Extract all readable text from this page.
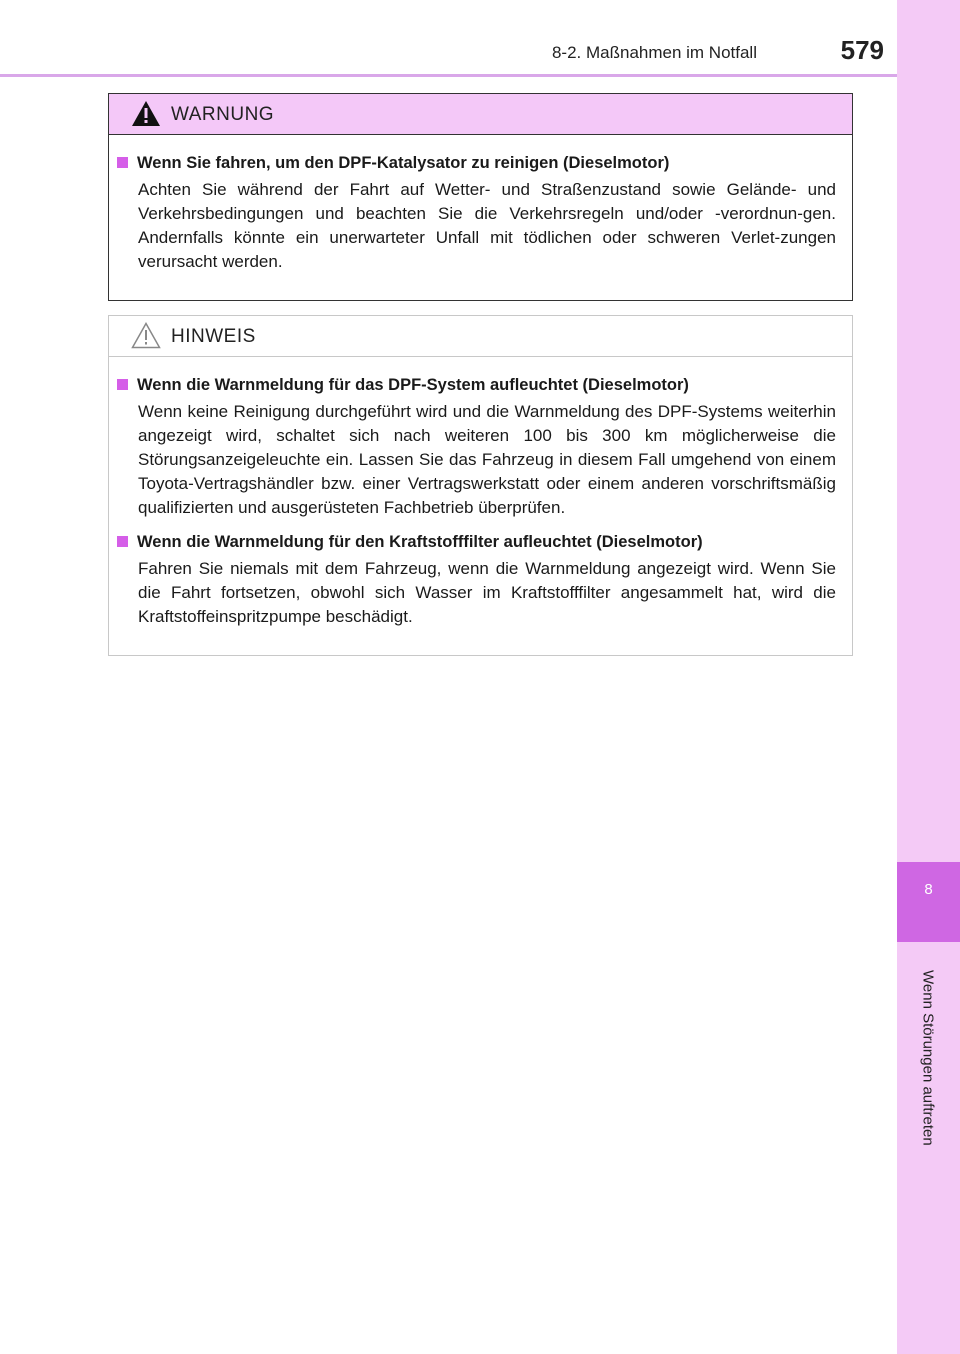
8-2. Maßnahmen im Notfall	579
8
Wenn Störungen auftreten
WARNUNG
Wenn Sie fahren, um den DPF-Katalysator zu reinigen (Dieselmotor)
Achten Sie während der Fahrt auf Wetter- und Straßenzustand sowie Gelände- und Verkehrsbedingungen und beachten Sie die Verkehrsregeln und/oder -verordnun-gen. Andernfalls könnte ein unerwarteter Unfall mit tödlichen oder schweren Verlet-zungen verursacht werden.
HINWEIS
Wenn die Warnmeldung für das DPF-System aufleuchtet (Dieselmotor)
Wenn keine Reinigung durchgeführt wird und die Warnmeldung des DPF-Systems weiterhin angezeigt wird, schaltet sich nach weiteren 100 bis 300 km möglicherweise die Störungsanzeigeleuchte ein. Lassen Sie das Fahrzeug in diesem Fall umgehend von einem Toyota-Vertragshändler bzw. einer Vertragswerkstatt oder einem anderen vorschriftsmäßig qualifizierten und ausgerüsteten Fachbetrieb überprüfen.
Wenn die Warnmeldung für den Kraftstofffilter aufleuchtet (Dieselmotor)
Fahren Sie niemals mit dem Fahrzeug, wenn die Warnmeldung angezeigt wird. Wenn Sie die Fahrt fortsetzen, obwohl sich Wasser im Kraftstofffilter angesammelt hat, wird die Kraftstoffeinspritzpumpe beschädigt.
